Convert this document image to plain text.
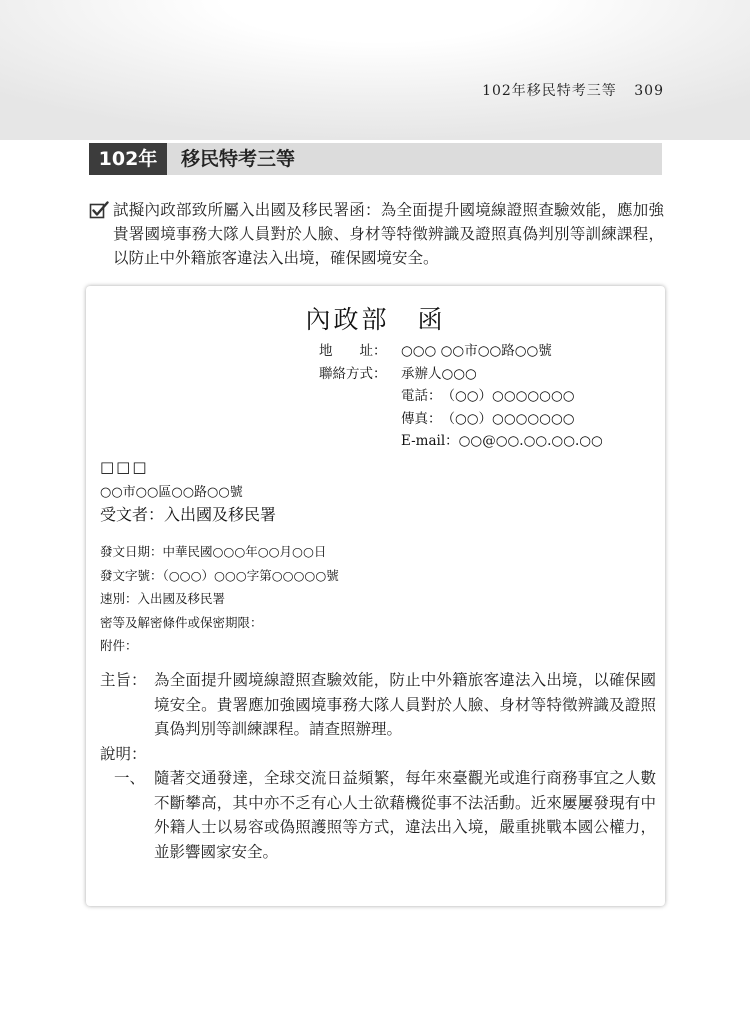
102年移民特考三等 309
102年	移民特考三等
試擬內政部致所屬入出國及移民署函：為全面提升國境線證照查驗效能，應加強貴署國境事務大隊人員對於人臉、身材等特徵辨識及證照真偽判別等訓練課程，以防止中外籍旅客違法入出境，確保國境安全。
內政部 函
地　　址： ○○○ ○○市○○路○○號
聯絡方式： 承辦人○○○
電話：（○○）○○○○○○○
傳真：（○○）○○○○○○○
E-mail：○○@○○.○○.○○.○○
□□□
○○市○○區○○路○○號
受文者：入出國及移民署
發文日期：中華民國○○○年○○月○○日
發文字號：（○○○）○○○字第○○○○○號
速別：入出國及移民署
密等及解密條件或保密期限：
附件：
主旨： 為全面提升國境線證照查驗效能，防止中外籍旅客違法入出境，以確保國境安全。貴署應加強國境事務大隊人員對於人臉、身材等特徵辨識及證照真偽判別等訓練課程。請查照辦理。
說明：
一、 隨著交通發達，全球交流日益頻繁，每年來臺觀光或進行商務事宜之人數不斷攀高，其中亦不乏有心人士欲藉機從事不法活動。近來屢屢發現有中外籍人士以易容或偽照護照等方式，違法出入境，嚴重挑戰本國公權力，並影響國家安全。
